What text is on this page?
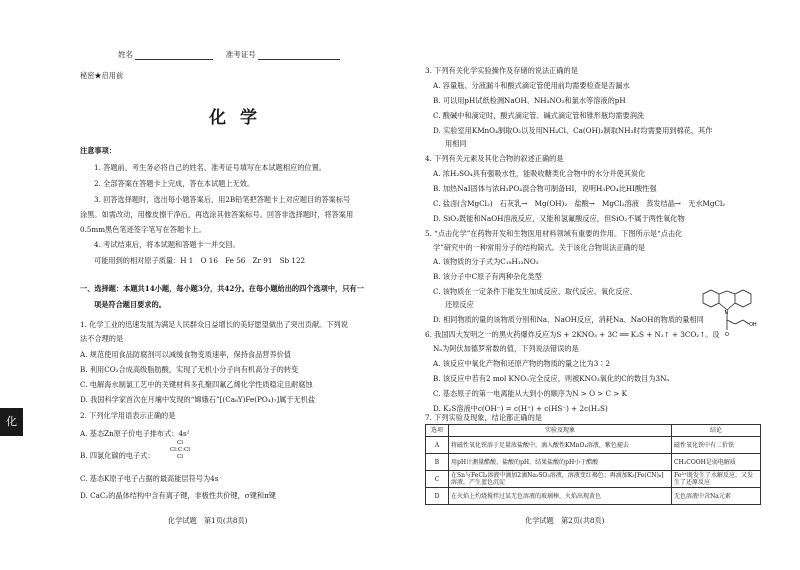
化
姓名	准考证号
秘密★启用前
化学
注意事项：
1. 答题前，考生务必将自己的姓名、准考证号填写在本试题相应的位置。
2. 全部答案在答题卡上完成，答在本试题上无效。
3. 回答选择题时，选出每小题答案后，用2B铅笔把答题卡上对应题目的答案标号
涂黑。如需改动，用橡皮擦干净后，再选涂其他答案标号。回答非选择题时，将答案用
0.5mm黑色笔迹签字笔写在答题卡上。
4. 考试结束后，将本试题和答题卡一并交回。
可能用到的相对原子质量：H 1　O 16　Fe 56　Zr 91　Sb 122
一、选择题：本题共14小题，每小题3分，共42分。在每小题给出的四个选项中，只有一
项是符合题目要求的。
1. 化学工业的迅速发展为满足人民群众日益增长的美好愿望做出了突出贡献。下列说
法不合理的是
A. 规范使用食品防腐剂可以减缓食物变质速率，保持食品营养价值
B. 利用CO₂合成高级脂肪酸，实现了无机小分子向有机高分子的转变
C. 电解海水制氯工艺中的关键材料多孔聚四氟乙烯化学性质稳定且耐腐蚀
D. 我国科学家首次在月壤中发现的“嫦娥石”[(Ca₈Y)Fe(PO₄)₇]属于无机盐
2. 下列化学用语表示正确的是
A. 基态Zn原子价电子排布式：4s²
B. 四氯化碳的电子式：
Cl
Cl:C:Cl
Cl
C. 基态K原子电子占据的最高能层符号为4s
D. CaC₂的晶体结构中含有离子键，非极性共价键，σ键和π键
化学试题　第1页(共8页)
3. 下列有关化学实验操作及存储的说法正确的是
A. 容量瓶、分液漏斗和酸式滴定管使用前均需要检查是否漏水
B. 可以用pH试纸检测NaOH、NH₄NO₃和氯水等溶液的pH
C. 酸碱中和滴定时，酸式滴定管、碱式滴定管和锥形瓶均需要润洗
D. 实验室用KMnO₄制取O₂以及用NH₄Cl、Ca(OH)₂制取NH₃时均需要用到棉花，其作
用相同
4. 下列有关元素及其化合物的叙述正确的是
A. 浓H₂SO₄具有强吸水性，能吸收糖类化合物中的水分并使其炭化
B. 加热NaI固体与浓H₃PO₄混合物可制备HI，说明H₃PO₄比HI酸性强
C. 盐卤(含MgCl₂)　石灰乳→　Mg(OH)₂　盐酸→　MgCl₂溶液　蒸发结晶→　无水MgCl₂
D. SiO₂既能和NaOH溶液反应，又能和氢氟酸反应，但SiO₂不属于两性氧化物
5. “点击化学”在药物开发和生物医用材料领域有重要的作用。下图所示是“点击化
学”研究中的一种常用分子的结构简式。关于该化合物说法正确的是
A. 该物质的分子式为C₁₈H₁₃NO₃
B. 该分子中C原子有两种杂化类型
C. 该物质在一定条件下能发生加成反应、取代反应、氧化反应、
还原反应
D. 相同物质的量的该物质分别和Na、NaOH反应，消耗Na、NaOH的物质的量相同
N
OH
O
6. 我国四大发明之一的黑火药爆炸反应为S + 2KNO₃ + 3C ══ K₂S + N₂↑ + 3CO₂↑。设
Nₐ为阿伏加德罗常数的值，下列说法错误的是
A. 该反应中氧化产物和还原产物的物质的量之比为3∶2
B. 该反应中若有2 mol KNO₃完全反应，则被KNO₃氧化的C的数目为3Nₐ
C. 基态原子的第一电离能从大到小的顺序为N > O > C > K
D. K₂S溶液中c(OH⁻) = c(H⁺) + c(HS⁻) + 2c(H₂S)
7. 下列实验及现象，结论都正确的是
选项	实验及现象	结论
A	将磁性氧化铁溶于足量浓盐酸中，滴入酸性KMnO₄溶液，紫色褪去	磁性氧化铁中有二价铁
B	用pH计测量醋酸、盐酸的pH，结果盐酸的pH小于醋酸	CH₃COOH是弱电解质
C	在Sn与FeCl₃溶液中滴加2滴Na₂SO₃溶液，溶液变红褐色；再滴加K₃[Fe(CN)₆]溶液，产生蓝色沉淀	Fe³⁺既发生了水解反应，又发生了还原反应
D	在火焰上灼烧搅拌过某无色溶液的玻璃棒，火焰出现黄色	无色溶液中含Na元素
化学试题　第2页(共8页)
